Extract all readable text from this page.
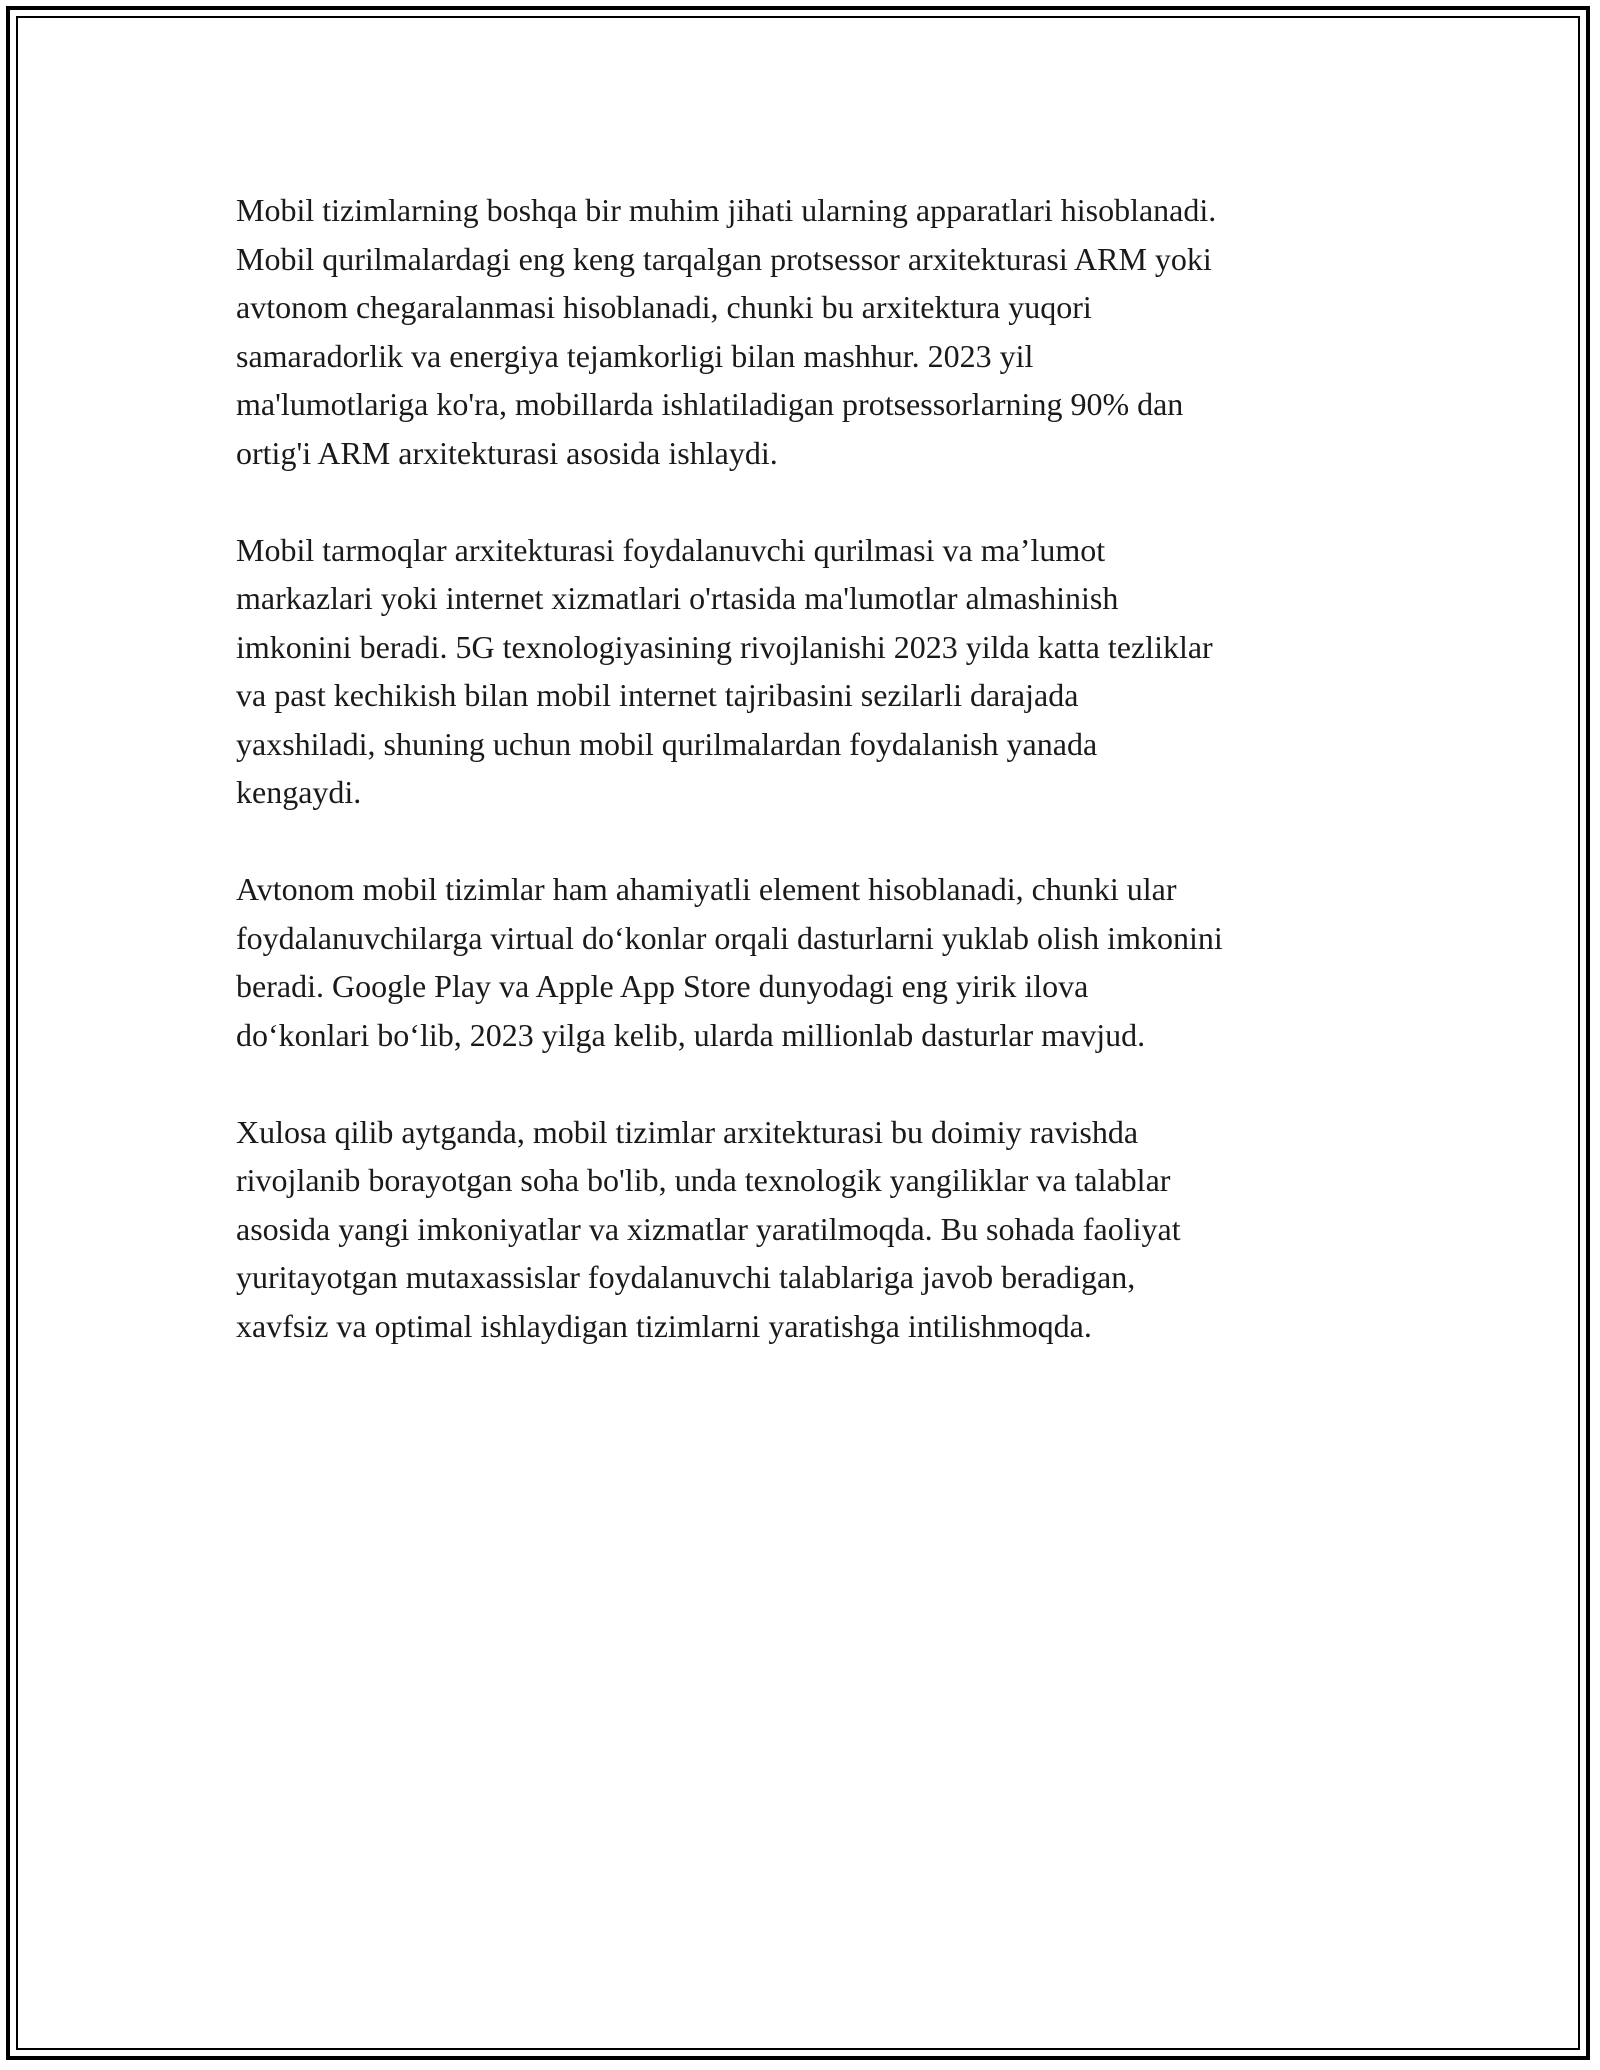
Mobil tizimlarning boshqa bir muhim jihati ularning apparatlari hisoblanadi.
Mobil qurilmalardagi eng keng tarqalgan protsessor arxitekturasi ARM yoki
avtonom chegaralanmasi hisoblanadi, chunki bu arxitektura yuqori
samaradorlik va energiya tejamkorligi bilan mashhur. 2023 yil
ma'lumotlariga ko'ra, mobillarda ishlatiladigan protsessorlarning 90% dan
ortig'i ARM arxitekturasi asosida ishlaydi.

Mobil tarmoqlar arxitekturasi foydalanuvchi qurilmasi va ma’lumot
markazlari yoki internet xizmatlari o'rtasida ma'lumotlar almashinish
imkonini beradi. 5G texnologiyasining rivojlanishi 2023 yilda katta tezliklar
va past kechikish bilan mobil internet tajribasini sezilarli darajada
yaxshiladi, shuning uchun mobil qurilmalardan foydalanish yanada
kengaydi.

Avtonom mobil tizimlar ham ahamiyatli element hisoblanadi, chunki ular
foydalanuvchilarga virtual do‘konlar orqali dasturlarni yuklab olish imkonini
beradi. Google Play va Apple App Store dunyodagi eng yirik ilova
do‘konlari bo‘lib, 2023 yilga kelib, ularda millionlab dasturlar mavjud.

Xulosa qilib aytganda, mobil tizimlar arxitekturasi bu doimiy ravishda
rivojlanib borayotgan soha bo'lib, unda texnologik yangiliklar va talablar
asosida yangi imkoniyatlar va xizmatlar yaratilmoqda. Bu sohada faoliyat
yuritayotgan mutaxassislar foydalanuvchi talablariga javob beradigan,
xavfsiz va optimal ishlaydigan tizimlarni yaratishga intilishmoqda.
